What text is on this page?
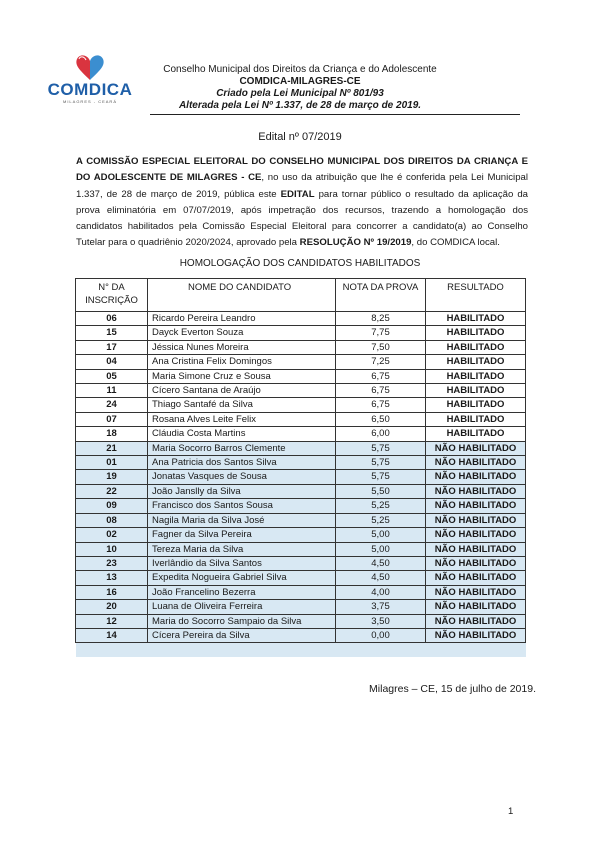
COMDICA
MILAGRES - CEARÁ
Conselho Municipal dos Direitos da Criança e do Adolescente
COMDICA-MILAGRES-CE
Criado pela Lei Municipal Nº 801/93
Alterada pela Lei Nº 1.337, de 28 de março de 2019.
Edital nº 07/2019
A COMISSÃO ESPECIAL ELEITORAL DO CONSELHO MUNICIPAL DOS DIREITOS DA CRIANÇA E DO ADOLESCENTE DE MILAGRES - CE, no uso da atribuição que lhe é conferida pela Lei Municipal 1.337, de 28 de março de 2019, pública este EDITAL para tornar público o resultado da aplicação da prova eliminatória em 07/07/2019, após impetração dos recursos, trazendo a homologação dos candidatos habilitados pela Comissão Especial Eleitoral para concorrer a candidato(a) ao Conselho Tutelar para o quadriênio 2020/2024, aprovado pela RESOLUÇÃO Nº 19/2019, do COMDICA local.
HOMOLOGAÇÃO DOS CANDIDATOS HABILITADOS
N° DA
INSCRIÇÃO	NOME DO CANDIDATO	NOTA DA PROVA	RESULTADO
06	Ricardo Pereira Leandro	8,25	HABILITADO
15	Dayck Everton Souza	7,75	HABILITADO
17	Jéssica Nunes Moreira	7,50	HABILITADO
04	Ana Cristina Felix Domingos	7,25	HABILITADO
05	Maria Simone Cruz e Sousa	6,75	HABILITADO
11	Cícero Santana de Araújo	6,75	HABILITADO
24	Thiago Santafé da Silva	6,75	HABILITADO
07	Rosana Alves Leite Felix	6,50	HABILITADO
18	Cláudia Costa Martins	6,00	HABILITADO
21	Maria Socorro Barros Clemente	5,75	NÃO HABILITADO
01	Ana Patricia dos Santos Silva	5,75	NÃO HABILITADO
19	Jonatas Vasques de Sousa	5,75	NÃO HABILITADO
22	João Janslly da Silva	5,50	NÃO HABILITADO
09	Francisco dos Santos Sousa	5,25	NÃO HABILITADO
08	Nagila Maria da Silva José	5,25	NÃO HABILITADO
02	Fagner da Silva Pereira	5,00	NÃO HABILITADO
10	Tereza Maria da Silva	5,00	NÃO HABILITADO
23	Iverlândio da Silva Santos	4,50	NÃO HABILITADO
13	Expedita Nogueira Gabriel Silva	4,50	NÃO HABILITADO
16	João Francelino Bezerra	4,00	NÃO HABILITADO
20	Luana de Oliveira Ferreira	3,75	NÃO HABILITADO
12	Maria do Socorro Sampaio da Silva	3,50	NÃO HABILITADO
14	Cícera Pereira da Silva	0,00	NÃO HABILITADO

Milagres – CE, 15 de julho de 2019.
1
